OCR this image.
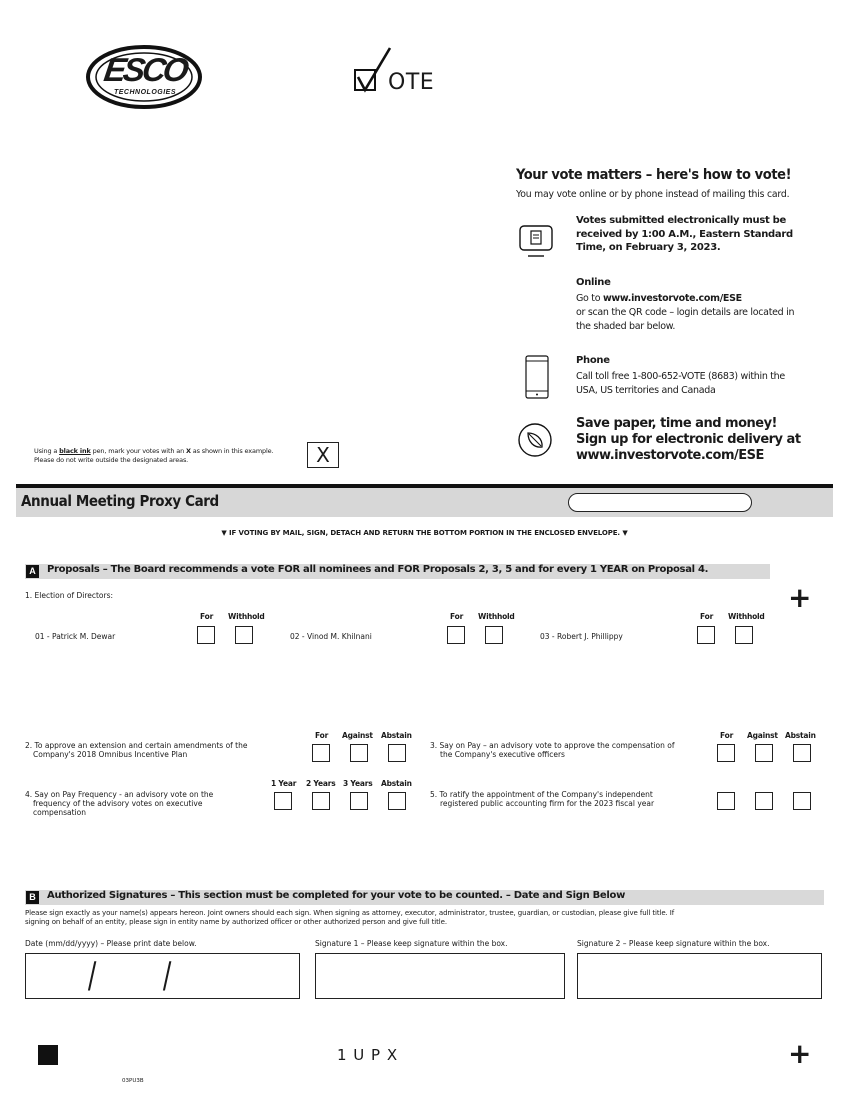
ESCO
TECHNOLOGIES	OTE
Your vote matters – here's how to vote!
You may vote online or by phone instead of mailing this card.
Votes submitted electronically must be received by 1:00 A.M., Eastern Standard Time, on February 3, 2023.
Online
Go to www.investorvote.com/ESE
or scan the QR code – login details are located in the shaded bar below.
Phone
Call toll free 1-800-652-VOTE (8683) within the USA, US territories and Canada
Save paper, time and money!
Sign up for electronic delivery at
www.investorvote.com/ESE
Using a black ink pen, mark your votes with an X as shown in this example.
Please do not write outside the designated areas.	X
Annual Meeting Proxy Card
▼ IF VOTING BY MAIL, SIGN, DETACH AND RETURN THE BOTTOM PORTION IN THE ENCLOSED ENVELOPE. ▼
A	Proposals – The Board recommends a vote FOR all nominees and FOR Proposals 2, 3, 5 and for every 1 YEAR on Proposal 4.
+
1. Election of Directors:
For Withhold	For Withhold	For Withhold
01 - Patrick M. Dewar	02 - Vinod M. Khilnani	03 - Robert J. Phillippy
For Against Abstain
2. To approve an extension and certain amendments of the
Company's 2018 Omnibus Incentive Plan
For Against Abstain
3. Say on Pay – an advisory vote to approve the compensation of
the Company's executive officers
1 Year 2 Years 3 Years Abstain
4. Say on Pay Frequency - an advisory vote on the
frequency of the advisory votes on executive
compensation
5. To ratify the appointment of the Company's independent
registered public accounting firm for the 2023 fiscal year
B	Authorized Signatures – This section must be completed for your vote to be counted. – Date and Sign Below
Please sign exactly as your name(s) appears hereon. Joint owners should each sign. When signing as attorney, executor, administrator, trustee, guardian, or custodian, please give full title. If
signing on behalf of an entity, please sign in entity name by authorized officer or other authorized person and give full title.
Date (mm/dd/yyyy) – Please print date below.	Signature 1 – Please keep signature within the box.	Signature 2 – Please keep signature within the box.
/ /
1 U P X	+
03PU3B
